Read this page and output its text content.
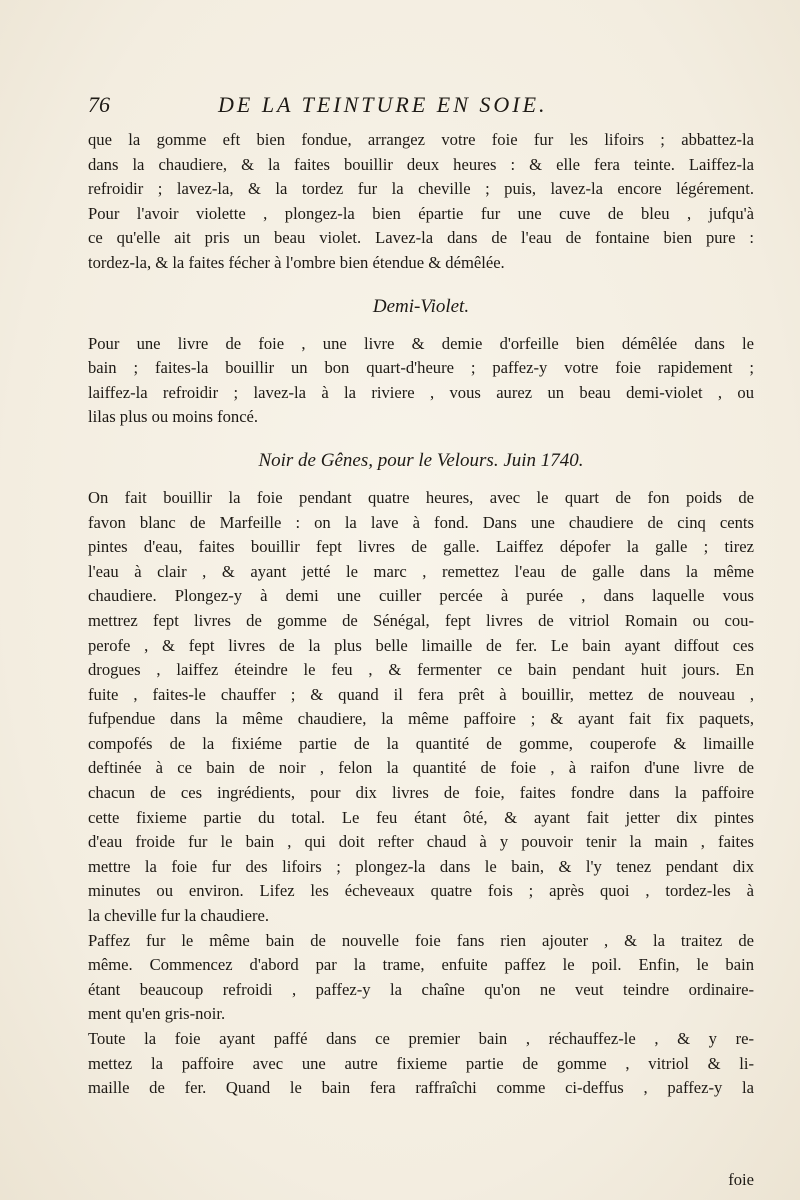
76	DE LA TEINTURE EN SOIE.
que la gomme eft bien fondue, arrangez votre foie fur les lifoirs ; abbattez-la
dans la chaudiere, & la faites bouillir deux heures : & elle fera teinte. Laiffez-la
refroidir ; lavez-la, & la tordez fur la cheville ; puis, lavez-la encore légérement.
Pour l'avoir violette , plongez-la bien épartie fur une cuve de bleu , jufqu'à
ce qu'elle ait pris un beau violet. Lavez-la dans de l'eau de fontaine bien pure :
tordez-la, & la faites fécher à l'ombre bien étendue & démêlée.
Demi-Violet.
Pour une livre de foie , une livre & demie d'orfeille bien démêlée dans le
bain ; faites-la bouillir un bon quart-d'heure ; paffez-y votre foie rapidement ;
laiffez-la refroidir ; lavez-la à la riviere , vous aurez un beau demi-violet , ou
lilas plus ou moins foncé.
Noir de Gênes, pour le Velours. Juin 1740.
On fait bouillir la foie pendant quatre heures, avec le quart de fon poids de
favon blanc de Marfeille : on la lave à fond. Dans une chaudiere de cinq cents
pintes d'eau, faites bouillir fept livres de galle. Laiffez dépofer la galle ; tirez
l'eau à clair , & ayant jetté le marc , remettez l'eau de galle dans la même
chaudiere. Plongez-y à demi une cuiller percée à purée , dans laquelle vous
mettrez fept livres de gomme de Sénégal, fept livres de vitriol Romain ou cou-
perofe , & fept livres de la plus belle limaille de fer. Le bain ayant diffout ces
drogues , laiffez éteindre le feu , & fermenter ce bain pendant huit jours. En
fuite , faites-le chauffer ; & quand il fera prêt à bouillir, mettez de nouveau ,
fufpendue dans la même chaudiere, la même paffoire ; & ayant fait fix paquets,
compofés de la fixiéme partie de la quantité de gomme, couperofe & limaille
deftinée à ce bain de noir , felon la quantité de foie , à raifon d'une livre de
chacun de ces ingrédients, pour dix livres de foie, faites fondre dans la paffoire
cette fixieme partie du total. Le feu étant ôté, & ayant fait jetter dix pintes
d'eau froide fur le bain , qui doit refter chaud à y pouvoir tenir la main , faites
mettre la foie fur des lifoirs ; plongez-la dans le bain, & l'y tenez pendant dix
minutes ou environ. Lifez les écheveaux quatre fois ; après quoi , tordez-les à
la cheville fur la chaudiere.
Paffez fur le même bain de nouvelle foie fans rien ajouter , & la traitez de
même. Commencez d'abord par la trame, enfuite paffez le poil. Enfin, le bain
étant beaucoup refroidi , paffez-y la chaîne qu'on ne veut teindre ordinaire-
ment qu'en gris-noir.
Toute la foie ayant paffé dans ce premier bain , réchauffez-le , & y re-
mettez la paffoire avec une autre fixieme partie de gomme , vitriol & li-
maille de fer. Quand le bain fera raffraîchi comme ci-deffus , paffez-y la
foie
